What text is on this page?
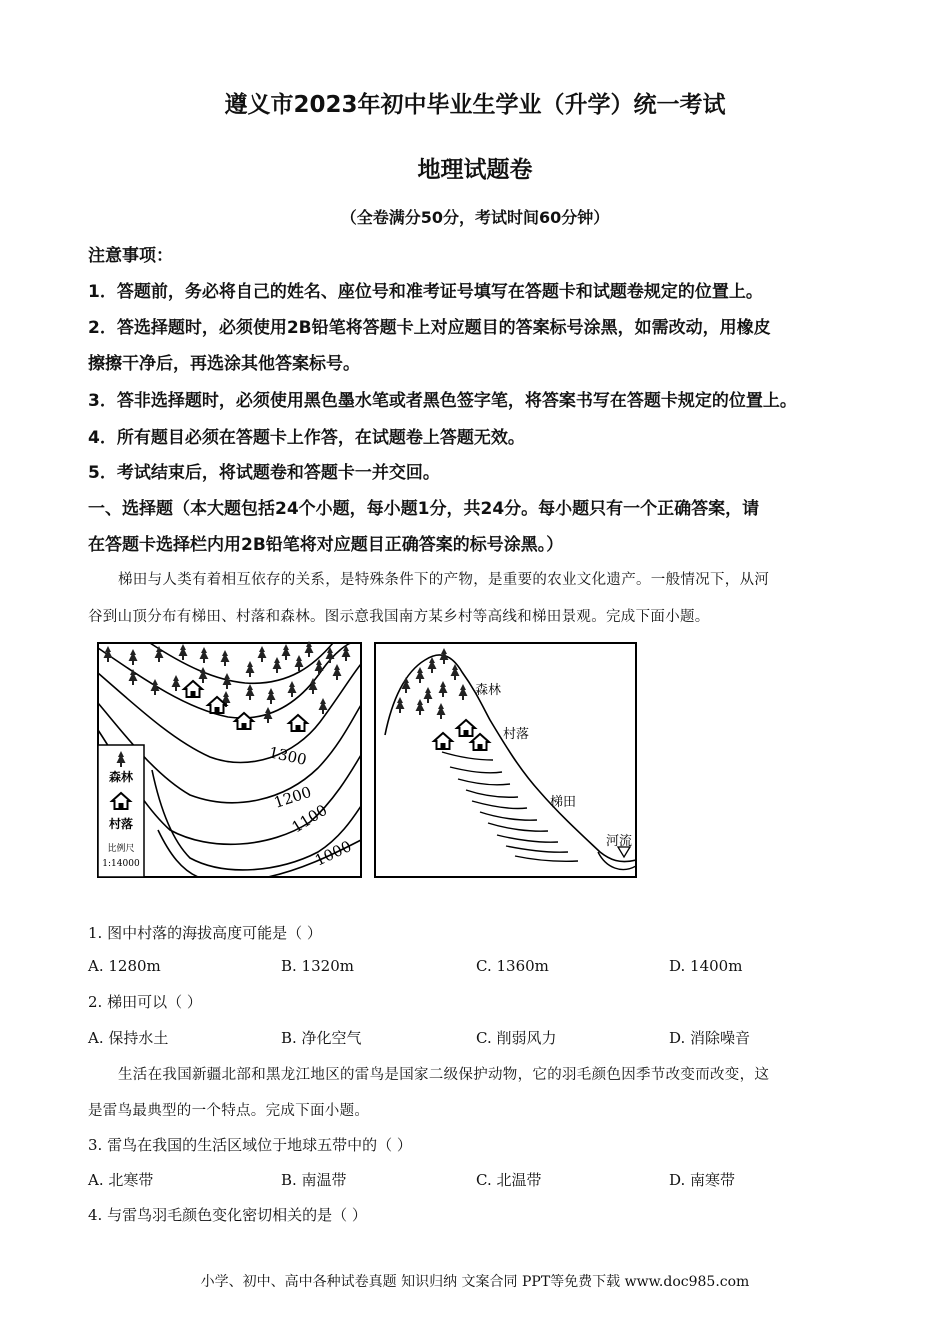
遵义市2023年初中毕业生学业（升学）统一考试
地理试题卷
（全卷满分50分，考试时间60分钟）
注意事项：
1．答题前，务必将自己的姓名、座位号和准考证号填写在答题卡和试题卷规定的位置上。
2．答选择题时，必须使用2B铅笔将答题卡上对应题目的答案标号涂黑，如需改动，用橡皮
擦擦干净后，再选涂其他答案标号。
3．答非选择题时，必须使用黑色墨水笔或者黑色签字笔，将答案书写在答题卡规定的位置上。
4．所有题目必须在答题卡上作答，在试题卷上答题无效。
5．考试结束后，将试题卷和答题卡一并交回。
一、选择题（本大题包括24个小题，每小题1分，共24分。每小题只有一个正确答案，请
在答题卡选择栏内用2B铅笔将对应题目正确答案的标号涂黑。）
梯田与人类有着相互依存的关系，是特殊条件下的产物，是重要的农业文化遗产。一般情况下，从河
谷到山顶分布有梯田、村落和森林。图示意我国南方某乡村等高线和梯田景观。完成下面小题。
1300
1200
1100
1000
森林
村落
比例尺
1:14000
森林
村落
梯田
河流
1. 图中村落的海拔高度可能是（ ）
A. 1280m	B. 1320m	C. 1360m	D. 1400m
2. 梯田可以（ ）
A. 保持水土	B. 净化空气	C. 削弱风力	D. 消除噪音
生活在我国新疆北部和黑龙江地区的雷鸟是国家二级保护动物，它的羽毛颜色因季节改变而改变，这
是雷鸟最典型的一个特点。完成下面小题。
3. 雷鸟在我国的生活区域位于地球五带中的（ ）
A. 北寒带	B. 南温带	C. 北温带	D. 南寒带
4. 与雷鸟羽毛颜色变化密切相关的是（ ）
小学、初中、高中各种试卷真题 知识归纳 文案合同 PPT等免费下载 www.doc985.com
